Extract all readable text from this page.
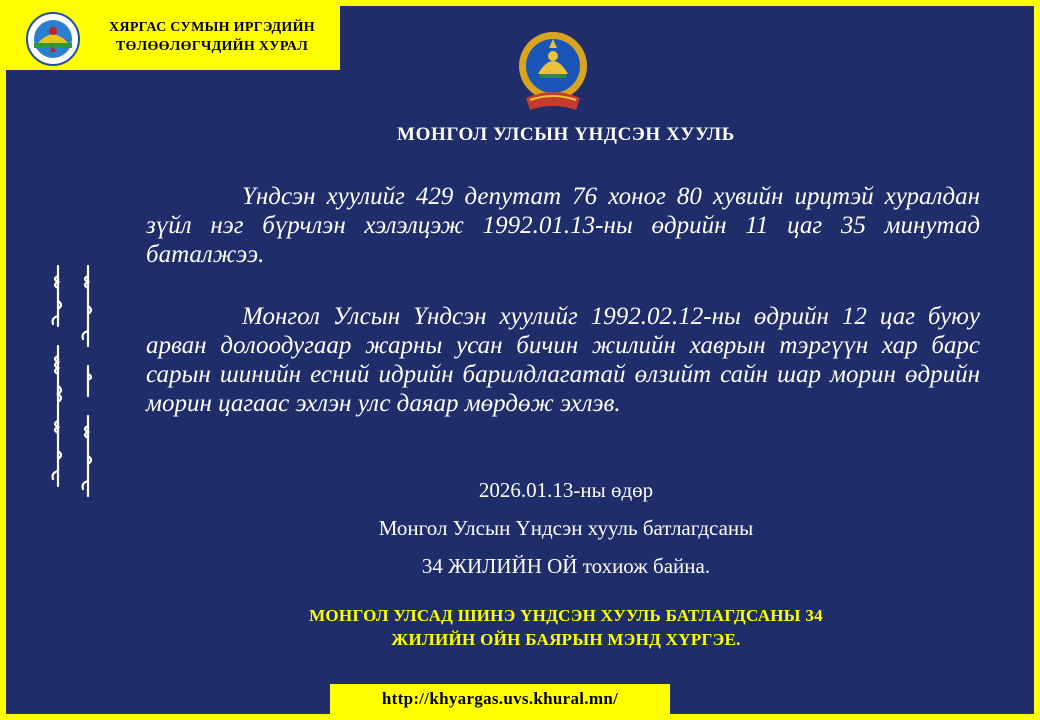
ХЯРГАС СУМЫН ИРГЭДИЙН
ТӨЛӨӨЛӨГЧДИЙН ХУРАЛ
МОНГОЛ УЛСЫН ҮНДСЭН ХУУЛЬ
Үндсэн хуулийг 429 депутат 76 хоног 80 хувийн ирцтэй хуралдан зүйл нэг бүрчлэн хэлэлцэж 1992.01.13-ны өдрийн 11 цаг 35 минутад баталжээ.
Монгол Улсын Үндсэн хуулийг 1992.02.12-ны өдрийн 12 цаг буюу арван долоодугаар жарны усан бичин жилийн хаврын тэргүүн хар барс сарын шинийн есний идрийн барилдлагатай өлзийт сайн шар морин өдрийн морин цагаас эхлэн улс даяар мөрдөж эхлэв.
2026.01.13-ны өдөр
Монгол Улсын Үндсэн хууль батлагдсаны
34 ЖИЛИЙН ОЙ тохиож байна.
МОНГОЛ УЛСАД ШИНЭ ҮНДСЭН ХУУЛЬ БАТЛАГДСАНЫ 34
ЖИЛИЙН ОЙН БАЯРЫН МЭНД ХҮРГЭЕ.
http://khyargas.uvs.khural.mn/
